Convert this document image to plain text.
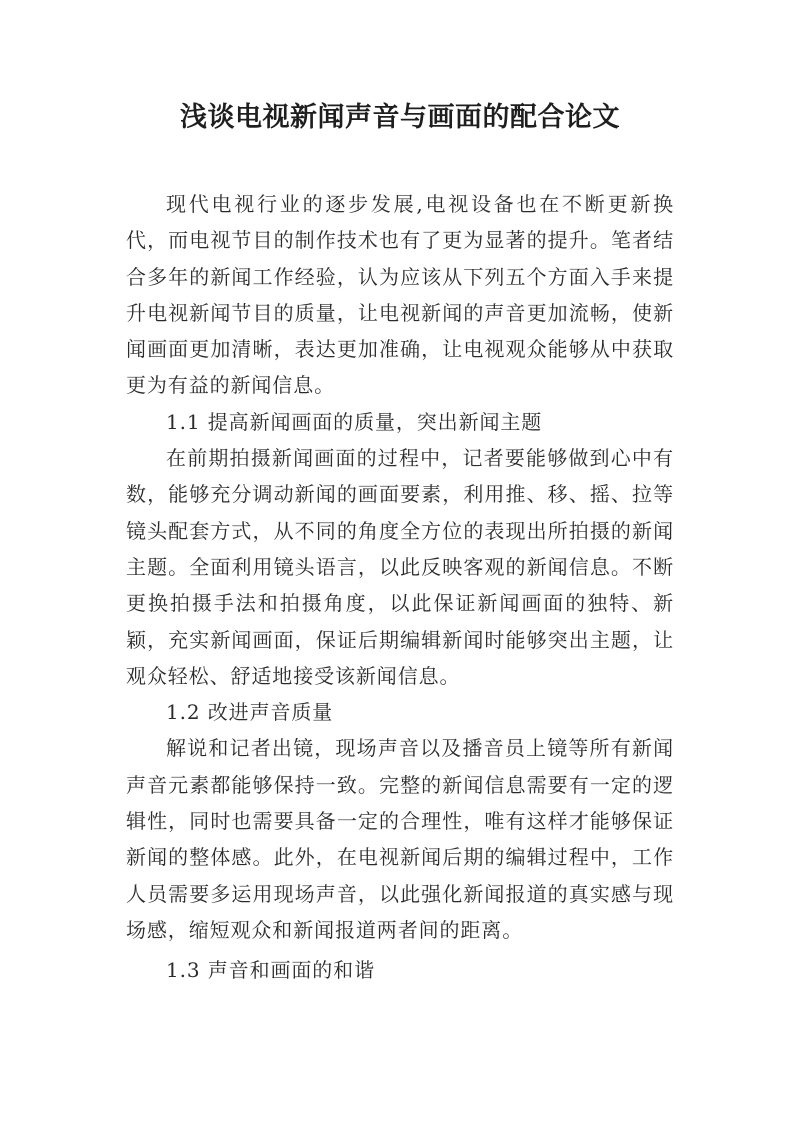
浅谈电视新闻声音与画面的配合论文

现代电视行业的逐步发展,电视设备也在不断更新换代，而电视节目的制作技术也有了更为显著的提升。笔者结合多年的新闻工作经验，认为应该从下列五个方面入手来提升电视新闻节目的质量，让电视新闻的声音更加流畅，使新闻画面更加清晰，表达更加准确，让电视观众能够从中获取更为有益的新闻信息。

1.1 提高新闻画面的质量，突出新闻主题

在前期拍摄新闻画面的过程中，记者要能够做到心中有数，能够充分调动新闻的画面要素，利用推、移、摇、拉等镜头配套方式，从不同的角度全方位的表现出所拍摄的新闻主题。全面利用镜头语言，以此反映客观的新闻信息。不断更换拍摄手法和拍摄角度，以此保证新闻画面的独特、新颖，充实新闻画面，保证后期编辑新闻时能够突出主题，让观众轻松、舒适地接受该新闻信息。

1.2 改进声音质量

解说和记者出镜，现场声音以及播音员上镜等所有新闻声音元素都能够保持一致。完整的新闻信息需要有一定的逻辑性，同时也需要具备一定的合理性，唯有这样才能够保证新闻的整体感。此外，在电视新闻后期的编辑过程中，工作人员需要多运用现场声音，以此强化新闻报道的真实感与现场感，缩短观众和新闻报道两者间的距离。

1.3 声音和画面的和谐
